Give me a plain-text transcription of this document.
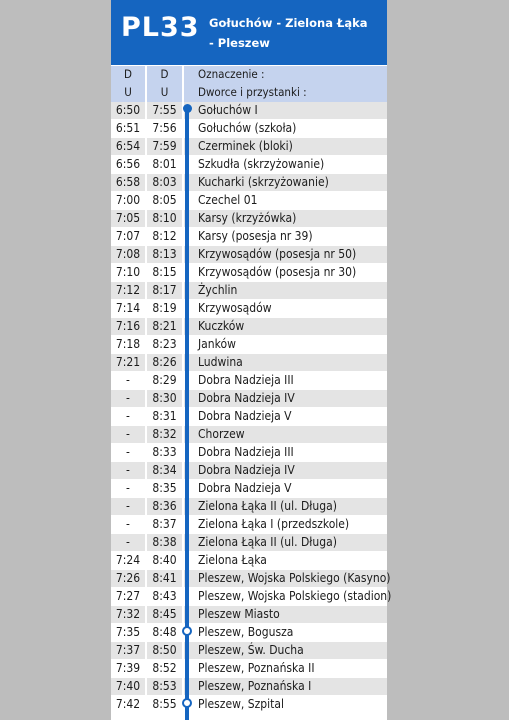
PL33 Gołuchów - Zielona Łąka
- Pleszew
D	D	Oznaczenie :
U	U	Dworce i przystanki :
6:50	7:55	Gołuchów I
6:51	7:56	Gołuchów (szkoła)
6:54	7:59	Czerminek (bloki)
6:56	8:01	Szkudła (skrzyżowanie)
6:58	8:03	Kucharki (skrzyżowanie)
7:00	8:05	Czechel 01
7:05	8:10	Karsy (krzyżówka)
7:07	8:12	Karsy (posesja nr 39)
7:08	8:13	Krzywosądów (posesja nr 50)
7:10	8:15	Krzywosądów (posesja nr 30)
7:12	8:17	Żychlin
7:14	8:19	Krzywosądów
7:16	8:21	Kuczków
7:18	8:23	Janków
7:21	8:26	Ludwina
-	8:29	Dobra Nadzieja III
-	8:30	Dobra Nadzieja IV
-	8:31	Dobra Nadzieja V
-	8:32	Chorzew
-	8:33	Dobra Nadzieja III
-	8:34	Dobra Nadzieja IV
-	8:35	Dobra Nadzieja V
-	8:36	Zielona Łąka II (ul. Długa)
-	8:37	Zielona Łąka I (przedszkole)
-	8:38	Zielona Łąka II (ul. Długa)
7:24	8:40	Zielona Łąka
7:26	8:41	Pleszew, Wojska Polskiego (Kasyno)
7:27	8:43	Pleszew, Wojska Polskiego (stadion)
7:32	8:45	Pleszew Miasto
7:35	8:48	Pleszew, Bogusza
7:37	8:50	Pleszew, Św. Ducha
7:39	8:52	Pleszew, Poznańska II
7:40	8:53	Pleszew, Poznańska I
7:42	8:55	Pleszew, Szpital
